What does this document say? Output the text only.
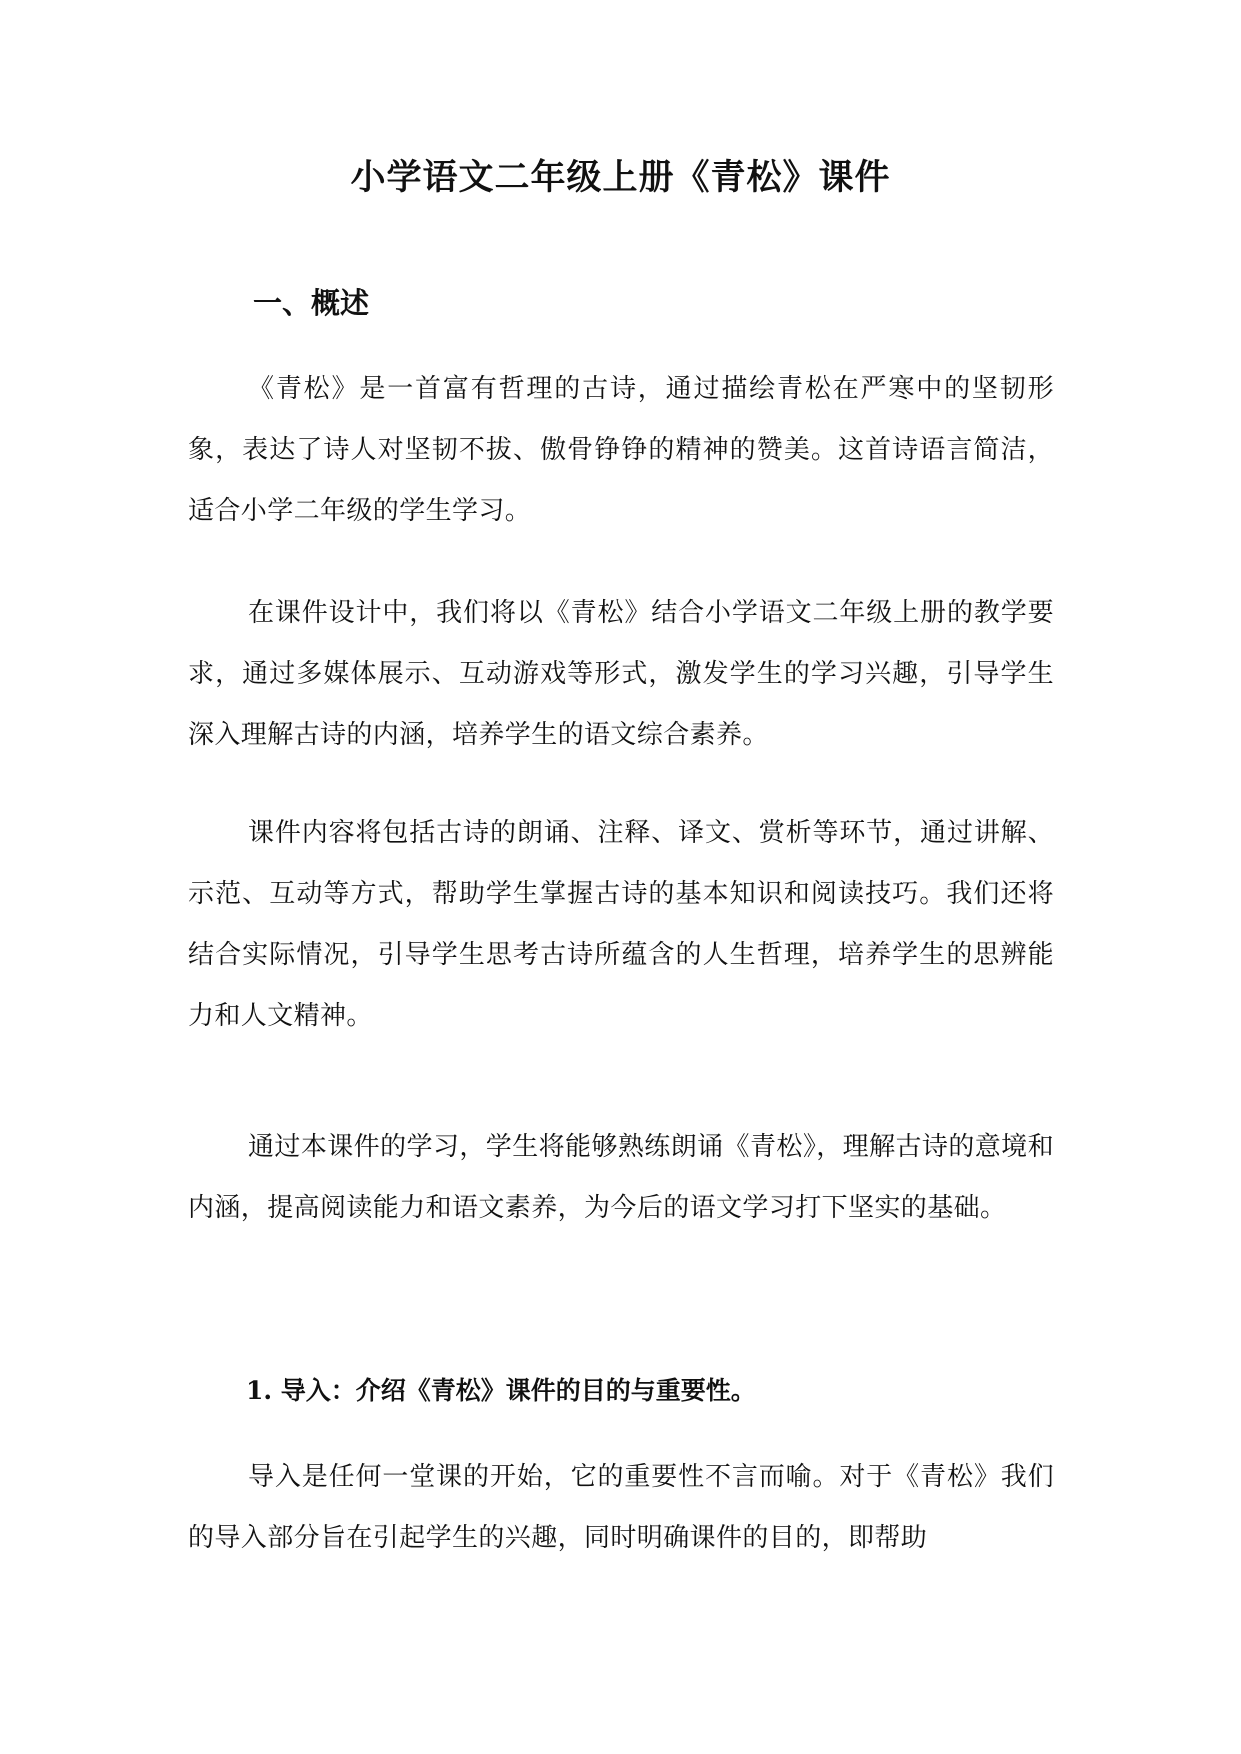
小学语文二年级上册《青松》课件
一、概述

《青松》是一首富有哲理的古诗，通过描绘青松在严寒中的坚韧形象，表达了诗人对坚韧不拔、傲骨铮铮的精神的赞美。这首诗语言简洁，适合小学二年级的学生学习。

在课件设计中，我们将以《青松》结合小学语文二年级上册的教学要求，通过多媒体展示、互动游戏等形式，激发学生的学习兴趣，引导学生深入理解古诗的内涵，培养学生的语文综合素养。

课件内容将包括古诗的朗诵、注释、译文、赏析等环节，通过讲解、示范、互动等方式，帮助学生掌握古诗的基本知识和阅读技巧。我们还将结合实际情况，引导学生思考古诗所蕴含的人生哲理，培养学生的思辨能力和人文精神。

通过本课件的学习，学生将能够熟练朗诵《青松》，理解古诗的意境和内涵，提高阅读能力和语文素养，为今后的语文学习打下坚实的基础。

1. 导入：介绍《青松》课件的目的与重要性。

导入是任何一堂课的开始，它的重要性不言而喻。对于《青松》我们的导入部分旨在引起学生的兴趣，同时明确课件的目的，即帮助
